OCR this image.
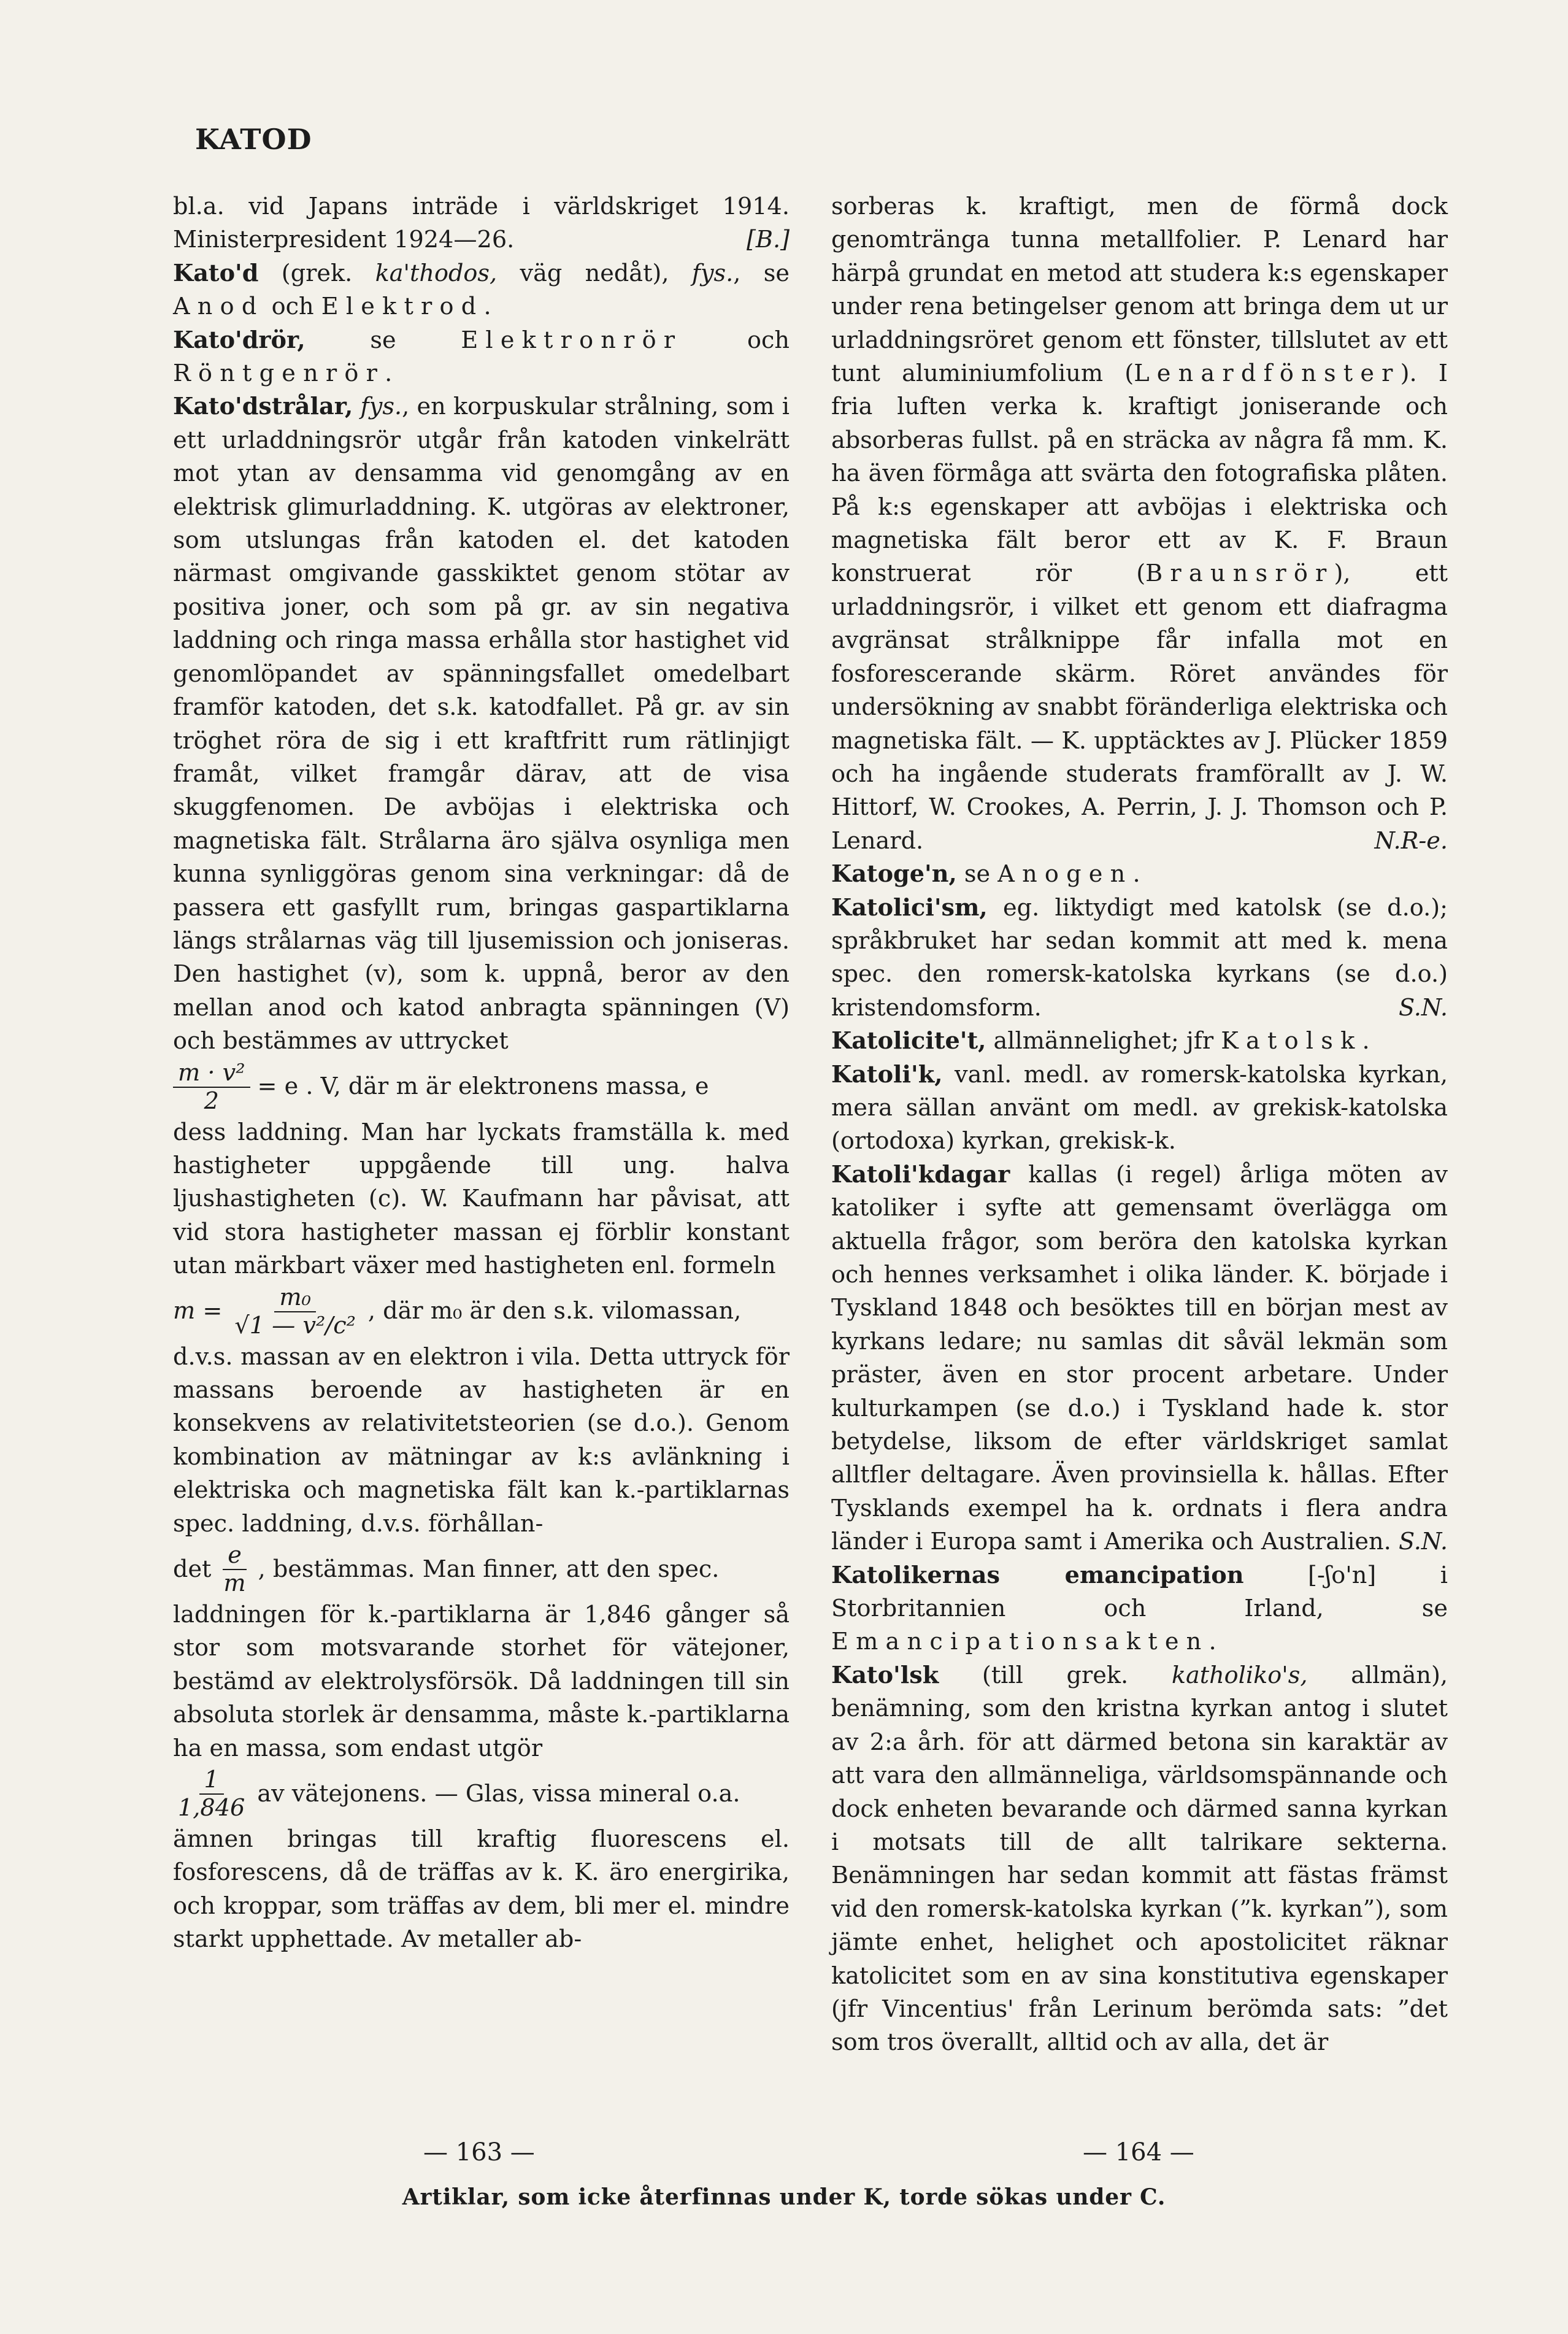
KATOD

bl.a. vid Japans inträde i världskriget 1914. Ministerpresident 1924—26.	[B.]

Kato'd (grek. ka'thodos, väg nedåt), fys., se Anod och Elektrod.

Kato'drör, se Elektronrör och Röntgenrör.

Kato'dstrålar, fys., en korpuskular strålning, som i ett urladdningsrör utgår från katoden vinkelrätt mot ytan av densamma vid genomgång av en elektrisk glimurladdning. K. utgöras av elektroner, som utslungas från katoden el. det katoden närmast omgivande gasskiktet genom stötar av positiva joner, och som på gr. av sin negativa laddning och ringa massa erhålla stor hastighet vid genomlöpandet av spänningsfallet omedelbart framför katoden, det s.k. katodfallet. På gr. av sin tröghet röra de sig i ett kraftfritt rum rätlinjigt framåt, vilket framgår därav, att de visa skuggfenomen. De avböjas i elektriska och magnetiska fält. Strålarna äro själva osynliga men kunna synliggöras genom sina verkningar: då de passera ett gasfyllt rum, bringas gaspartiklarna längs strålarnas väg till ljusemission och joniseras. Den hastighet (v), som k. uppnå, beror av den mellan anod och katod anbragta spänningen (V) och bestämmes av uttrycket

$\frac{\text{m · v²}}{2} = e$ . V, där m är elektronens massa, e

dess laddning. Man har lyckats framställa k. med hastigheter uppgående till ung. halva ljushastigheten (c). W. Kaufmann har påvisat, att vid stora hastigheter massan ej förblir konstant utan märkbart växer med hastigheten enl. formeln

$m = \frac{\text{m₀}}{\text{√1 — v²/c²}}$ , där m₀ är den s.k. vilomassan,

d.v.s. massan av en elektron i vila. Detta uttryck för massans beroende av hastigheten är en konsekvens av relativitetsteorien (se d.o.). Genom kombination av mätningar av k:s avlänkning i elektriska och magnetiska fält kan k.-partiklarnas spec. laddning, d.v.s. förhållan-

$\det \frac{e}{m}$ , bestämmas. Man finner, att den spec.

laddningen för k.-partiklarna är 1,846 gånger så stor som motsvarande storhet för vätejoner, bestämd av elektrolysförsök. Då laddningen till sin absoluta storlek är densamma, måste k.-partiklarna ha en massa, som endast utgör

$\frac{1}{1,846}$ av vätejonens. — Glas, vissa mineral o.a.

ämnen bringas till kraftig fluorescens el. fosforescens, då de träffas av k. K. äro energirika, och kroppar, som träffas av dem, bli mer el. mindre starkt upphettade. Av metaller ab-

sorberas k. kraftigt, men de förmå dock genomtränga tunna metallfolier. P. Lenard har härpå grundat en metod att studera k:s egenskaper under rena betingelser genom att bringa dem ut ur urladdningsröret genom ett fönster, tillslutet av ett tunt aluminiumfolium (Lenardfönster). I fria luften verka k. kraftigt joniserande och absorberas fullst. på en sträcka av några få mm. K. ha även förmåga att svärta den fotografiska plåten. På k:s egenskaper att avböjas i elektriska och magnetiska fält beror ett av K. F. Braun konstruerat rör (Braunsrör), ett urladdningsrör, i vilket ett genom ett diafragma avgränsat strålknippe får infalla mot en fosforescerande skärm. Röret användes för undersökning av snabbt föränderliga elektriska och magnetiska fält. — K. upptäcktes av J. Plücker 1859 och ha ingående studerats framförallt av J. W. Hittorf, W. Crookes, A. Perrin, J. J. Thomson och P. Lenard.	N.R-e.

Katoge'n, se Anogen.

Katolici'sm, eg. liktydigt med katolsk (se d.o.); språkbruket har sedan kommit att med k. mena spec. den romersk-katolska kyrkans (se d.o.) kristendomsform.	S.N.

Katolicite't, allmännelighet; jfr Katolsk.

Katoli'k, vanl. medl. av romersk-katolska kyrkan, mera sällan använt om medl. av grekisk-katolska (ortodoxa) kyrkan, grekisk-k.

Katoli'kdagar kallas (i regel) årliga möten av katoliker i syfte att gemensamt överlägga om aktuella frågor, som beröra den katolska kyrkan och hennes verksamhet i olika länder. K. började i Tyskland 1848 och besöktes till en början mest av kyrkans ledare; nu samlas dit såväl lekmän som präster, även en stor procent arbetare. Under kulturkampen (se d.o.) i Tyskland hade k. stor betydelse, liksom de efter världskriget samlat alltfler deltagare. Även provinsiella k. hållas. Efter Tysklands exempel ha k. ordnats i flera andra länder i Europa samt i Amerika och Australien. S.N.

Katolikernas emancipation [-ʃo'n] i Storbritannien och Irland, se Emancipationsakten.

Kato'lsk (till grek. katholiko's, allmän), benämning, som den kristna kyrkan antog i slutet av 2:a årh. för att därmed betona sin karaktär av att vara den allmänneliga, världsomspännande och dock enheten bevarande och därmed sanna kyrkan i motsats till de allt talrikare sekterna. Benämningen har sedan kommit att fästas främst vid den romersk-katolska kyrkan (”k. kyrkan”), som jämte enhet, helighet och apostolicitet räknar katolicitet som en av sina konstitutiva egenskaper (jfr Vincentius' från Lerinum berömda sats: ”det som tros överallt, alltid och av alla, det är

— 163 —	— 164 —
Artiklar, som icke återfinnas under K, torde sökas under C.
